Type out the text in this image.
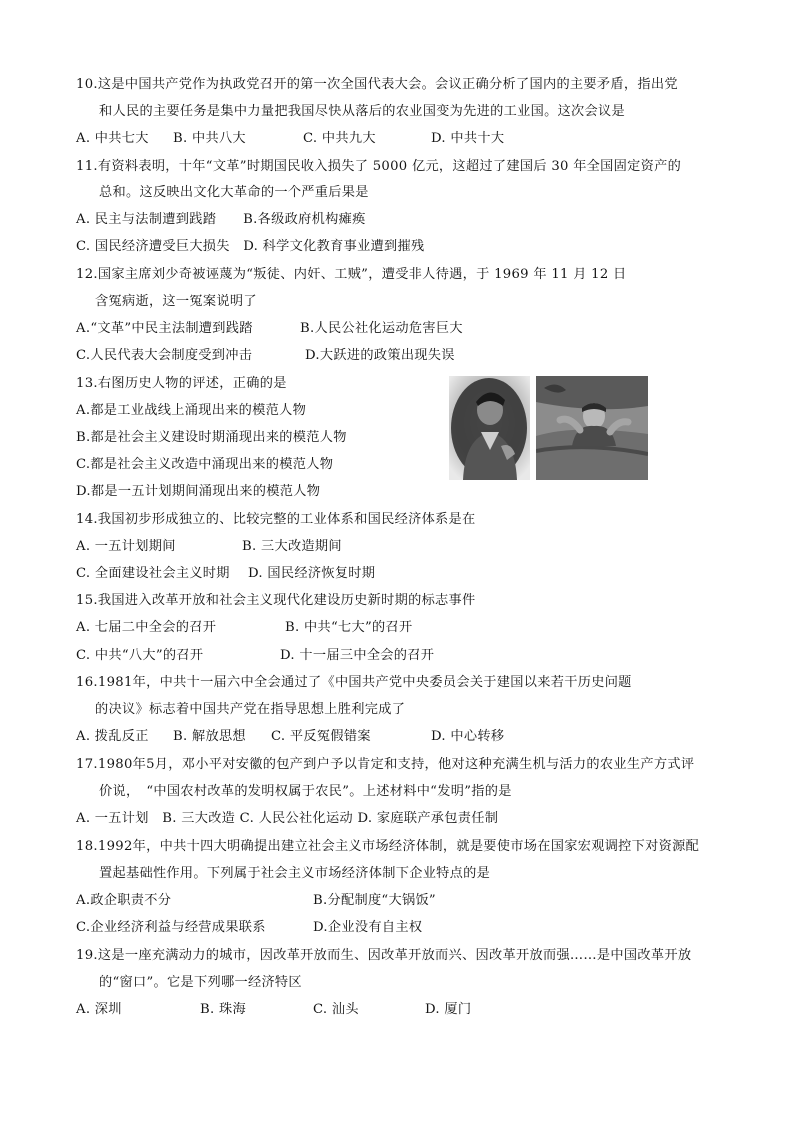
10.这是中国共产党作为执政党召开的第一次全国代表大会。会议正确分析了国内的主要矛盾，指出党
和人民的主要任务是集中力量把我国尽快从落后的农业国变为先进的工业国。这次会议是
A. 中共七大 B. 中共八大	C. 中共九大	D. 中共十大
11.有资料表明，十年“文革”时期国民收入损失了 5000 亿元，这超过了建国后 30 年全国固定资产的
总和。这反映出文化大革命的一个严重后果是
A. 民主与法制遭到践踏　　B.各级政府机构瘫痪
C. 国民经济遭受巨大损失　D. 科学文化教育事业遭到摧残
12.国家主席刘少奇被诬蔑为“叛徒、内奸、工贼”，遭受非人待遇，于 1969 年 11 月 12 日
含冤病逝，这一冤案说明了
A.“文革”中民主法制遭到践踏	B.人民公社化运动危害巨大
C.人民代表大会制度受到冲击	D.大跃进的政策出现失误
13.右图历史人物的评述，正确的是
A.都是工业战线上涌现出来的模范人物
B.都是社会主义建设时期涌现出来的模范人物
C.都是社会主义改造中涌现出来的模范人物
D.都是一五计划期间涌现出来的模范人物
14.我国初步形成独立的、比较完整的工业体系和国民经济体系是在
A. 一五计划期间	B. 三大改造期间
C. 全面建设社会主义时期 D. 国民经济恢复时期
15.我国进入改革开放和社会主义现代化建设历史新时期的标志事件
A. 七届二中全会的召开	B. 中共“七大”的召开
C. 中共“八大”的召开	D. 十一届三中全会的召开
16.1981年，中共十一届六中全会通过了《中国共产党中央委员会关于建国以来若干历史问题
的决议》标志着中国共产党在指导思想上胜利完成了
A. 拨乱反正 B. 解放思想 C. 平反冤假错案	D. 中心转移
17.1980年5月，邓小平对安徽的包产到户予以肯定和支持，他对这种充满生机与活力的农业生产方式评
价说，　“中国农村改革的发明权属于农民”。上述材料中“发明”指的是
A. 一五计划　B. 三大改造 C. 人民公社化运动 D. 家庭联产承包责任制
18.1992年，中共十四大明确提出建立社会主义市场经济体制，就是要使市场在国家宏观调控下对资源配
置起基础性作用。下列属于社会主义市场经济体制下企业特点的是
A.政企职责不分	B.分配制度“大锅饭”
C.企业经济利益与经营成果联系	D.企业没有自主权
19.这是一座充满动力的城市，因改革开放而生、因改革开放而兴、因改革开放而强……是中国改革开放
的“窗口”。它是下列哪一经济特区
A. 深圳	B. 珠海	C. 汕头	D. 厦门
